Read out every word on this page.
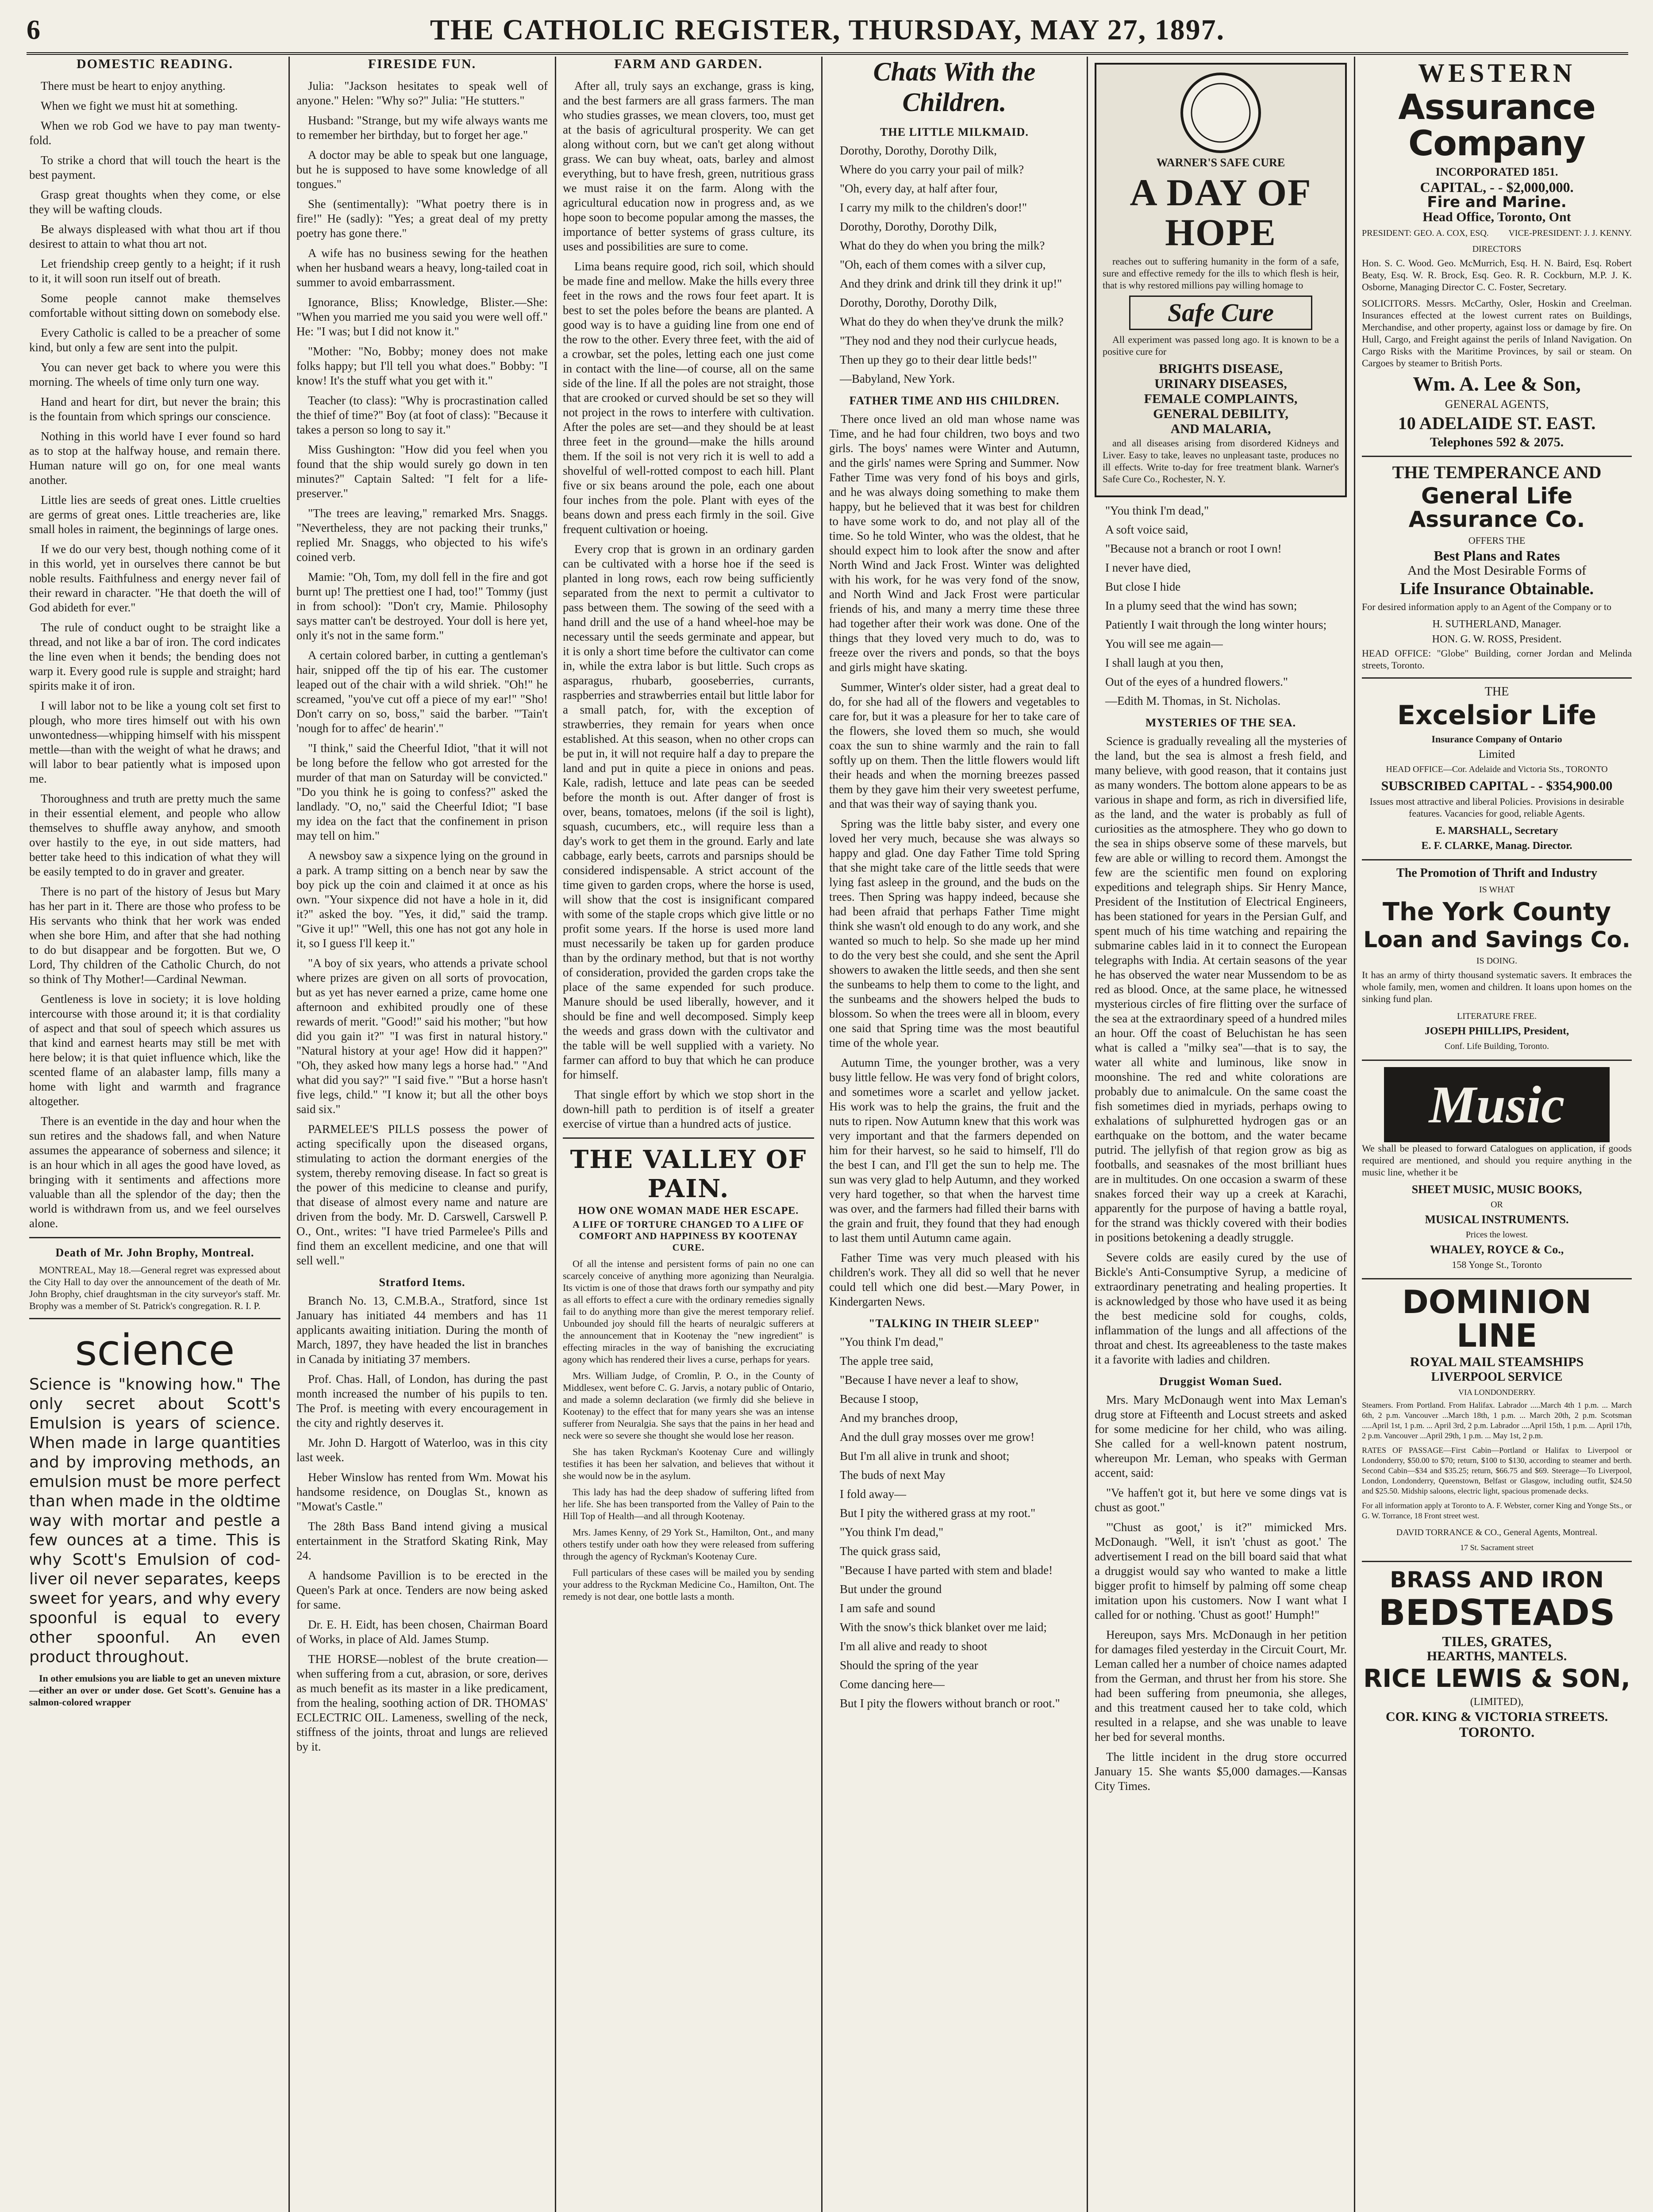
6	THE CATHOLIC REGISTER, THURSDAY, MAY 27, 1897.
DOMESTIC READING.

There must be heart to enjoy anything.

When we fight we must hit at something.

When we rob God we have to pay man twenty-fold.

To strike a chord that will touch the heart is the best payment.

Grasp great thoughts when they come, or else they will be wafting clouds.

Be always displeased with what thou art if thou desirest to attain to what thou art not.

Let friendship creep gently to a height; if it rush to it, it will soon run itself out of breath.

Some people cannot make themselves comfortable without sitting down on somebody else.

Every Catholic is called to be a preacher of some kind, but only a few are sent into the pulpit.

You can never get back to where you were this morning. The wheels of time only turn one way.

Hand and heart for dirt, but never the brain; this is the fountain from which springs our conscience.

Nothing in this world have I ever found so hard as to stop at the halfway house, and remain there. Human nature will go on, for one meal wants another.

Little lies are seeds of great ones. Little cruelties are germs of great ones. Little treacheries are, like small holes in raiment, the beginnings of large ones.

If we do our very best, though nothing come of it in this world, yet in ourselves there cannot be but noble results. Faithfulness and energy never fail of their reward in character. "He that doeth the will of God abideth for ever."

The rule of conduct ought to be straight like a thread, and not like a bar of iron. The cord indicates the line even when it bends; the bending does not warp it. Every good rule is supple and straight; hard spirits make it of iron.

I will labor not to be like a young colt set first to plough, who more tires himself out with his own unwontedness—whipping himself with his misspent mettle—than with the weight of what he draws; and will labor to bear patiently what is imposed upon me.

Thoroughness and truth are pretty much the same in their essential element, and people who allow themselves to shuffle away anyhow, and smooth over hastily to the eye, in out side matters, had better take heed to this indication of what they will be easily tempted to do in graver and greater.

There is no part of the history of Jesus but Mary has her part in it. There are those who profess to be His servants who think that her work was ended when she bore Him, and after that she had nothing to do but disappear and be forgotten. But we, O Lord, Thy children of the Catholic Church, do not so think of Thy Mother!—Cardinal Newman.

Gentleness is love in society; it is love holding intercourse with those around it; it is that cordiality of aspect and that soul of speech which assures us that kind and earnest hearts may still be met with here below; it is that quiet influence which, like the scented flame of an alabaster lamp, fills many a home with light and warmth and fragrance altogether.

There is an eventide in the day and hour when the sun retires and the shadows fall, and when Nature assumes the appearance of soberness and silence; it is an hour which in all ages the good have loved, as bringing with it sentiments and affections more valuable than all the splendor of the day; then the world is withdrawn from us, and we feel ourselves alone.

Death of Mr. John Brophy, Montreal.

MONTREAL, May 18.—General regret was expressed about the City Hall to day over the announcement of the death of Mr. John Brophy, chief draughtsman in the city surveyor's staff. Mr. Brophy was a member of St. Patrick's congregation. R. I. P.

science

Science is "knowing how." The only secret about Scott's Emulsion is years of science. When made in large quantities and by improving methods, an emulsion must be more perfect than when made in the oldtime way with mortar and pestle a few ounces at a time. This is why Scott's Emulsion of cod-liver oil never separates, keeps sweet for years, and why every spoonful is equal to every other spoonful. An even product throughout.

In other emulsions you are liable to get an uneven mixture—either an over or under dose. Get Scott's. Genuine has a salmon-colored wrapper

FIRESIDE FUN.

Julia: "Jackson hesitates to speak well of anyone." Helen: "Why so?" Julia: "He stutters."

Husband: "Strange, but my wife always wants me to remember her birthday, but to forget her age."

A doctor may be able to speak but one language, but he is supposed to have some knowledge of all tongues."

She (sentimentally): "What poetry there is in fire!" He (sadly): "Yes; a great deal of my pretty poetry has gone there."

A wife has no business sewing for the heathen when her husband wears a heavy, long-tailed coat in summer to avoid embarrassment.

Ignorance, Bliss; Knowledge, Blister.—She: "When you married me you said you were well off." He: "I was; but I did not know it."

"Mother: "No, Bobby; money does not make folks happy; but I'll tell you what does." Bobby: "I know! It's the stuff what you get with it."

Teacher (to class): "Why is procrastination called the thief of time?" Boy (at foot of class): "Because it takes a person so long to say it."

Miss Gushington: "How did you feel when you found that the ship would surely go down in ten minutes?" Captain Salted: "I felt for a life-preserver."

"The trees are leaving," remarked Mrs. Snaggs. "Nevertheless, they are not packing their trunks," replied Mr. Snaggs, who objected to his wife's coined verb.

Mamie: "Oh, Tom, my doll fell in the fire and got burnt up! The prettiest one I had, too!" Tommy (just in from school): "Don't cry, Mamie. Philosophy says matter can't be destroyed. Your doll is here yet, only it's not in the same form."

A certain colored barber, in cutting a gentleman's hair, snipped off the tip of his ear. The customer leaped out of the chair with a wild shriek. "Oh!" he screamed, "you've cut off a piece of my ear!" "Sho! Don't carry on so, boss," said the barber. "'Tain't 'nough for to affec' de hearin'."

"I think," said the Cheerful Idiot, "that it will not be long before the fellow who got arrested for the murder of that man on Saturday will be convicted." "Do you think he is going to confess?" asked the landlady. "O, no," said the Cheerful Idiot; "I base my idea on the fact that the confinement in prison may tell on him."

A newsboy saw a sixpence lying on the ground in a park. A tramp sitting on a bench near by saw the boy pick up the coin and claimed it at once as his own. "Your sixpence did not have a hole in it, did it?" asked the boy. "Yes, it did," said the tramp. "Give it up!" "Well, this one has not got any hole in it, so I guess I'll keep it."

"A boy of six years, who attends a private school where prizes are given on all sorts of provocation, but as yet has never earned a prize, came home one afternoon and exhibited proudly one of these rewards of merit. "Good!" said his mother; "but how did you gain it?" "I was first in natural history." "Natural history at your age! How did it happen?" "Oh, they asked how many legs a horse had." "And what did you say?" "I said five." "But a horse hasn't five legs, child." "I know it; but all the other boys said six."

PARMELEE'S PILLS possess the power of acting specifically upon the diseased organs, stimulating to action the dormant energies of the system, thereby removing disease. In fact so great is the power of this medicine to cleanse and purify, that disease of almost every name and nature are driven from the body. Mr. D. Carswell, Carswell P. O., Ont., writes: "I have tried Parmelee's Pills and find them an excellent medicine, and one that will sell well."

Stratford Items.

Branch No. 13, C.M.B.A., Stratford, since 1st January has initiated 44 members and has 11 applicants awaiting initiation. During the month of March, 1897, they have headed the list in branches in Canada by initiating 37 members.

Prof. Chas. Hall, of London, has during the past month increased the number of his pupils to ten. The Prof. is meeting with every encouragement in the city and rightly deserves it.

Mr. John D. Hargott of Waterloo, was in this city last week.

Heber Winslow has rented from Wm. Mowat his handsome residence, on Douglas St., known as "Mowat's Castle."

The 28th Bass Band intend giving a musical entertainment in the Stratford Skating Rink, May 24.

A handsome Pavillion is to be erected in the Queen's Park at once. Tenders are now being asked for same.

Dr. E. H. Eidt, has been chosen, Chairman Board of Works, in place of Ald. James Stump.

THE HORSE—noblest of the brute creation—when suffering from a cut, abrasion, or sore, derives as much benefit as its master in a like predicament, from the healing, soothing action of DR. THOMAS' ECLECTRIC OIL. Lameness, swelling of the neck, stiffness of the joints, throat and lungs are relieved by it.

FARM AND GARDEN.

After all, truly says an exchange, grass is king, and the best farmers are all grass farmers. The man who studies grasses, we mean clovers, too, must get at the basis of agricultural prosperity. We can get along without corn, but we can't get along without grass. We can buy wheat, oats, barley and almost everything, but to have fresh, green, nutritious grass we must raise it on the farm. Along with the agricultural education now in progress and, as we hope soon to become popular among the masses, the importance of better systems of grass culture, its uses and possibilities are sure to come.

Lima beans require good, rich soil, which should be made fine and mellow. Make the hills every three feet in the rows and the rows four feet apart. It is best to set the poles before the beans are planted. A good way is to have a guiding line from one end of the row to the other. Every three feet, with the aid of a crowbar, set the poles, letting each one just come in contact with the line—of course, all on the same side of the line. If all the poles are not straight, those that are crooked or curved should be set so they will not project in the rows to interfere with cultivation. After the poles are set—and they should be at least three feet in the ground—make the hills around them. If the soil is not very rich it is well to add a shovelful of well-rotted compost to each hill. Plant five or six beans around the pole, each one about four inches from the pole. Plant with eyes of the beans down and press each firmly in the soil. Give frequent cultivation or hoeing.

Every crop that is grown in an ordinary garden can be cultivated with a horse hoe if the seed is planted in long rows, each row being sufficiently separated from the next to permit a cultivator to pass between them. The sowing of the seed with a hand drill and the use of a hand wheel-hoe may be necessary until the seeds germinate and appear, but it is only a short time before the cultivator can come in, while the extra labor is but little. Such crops as asparagus, rhubarb, gooseberries, currants, raspberries and strawberries entail but little labor for a small patch, for, with the exception of strawberries, they remain for years when once established. At this season, when no other crops can be put in, it will not require half a day to prepare the land and put in quite a piece in onions and peas. Kale, radish, lettuce and late peas can be seeded before the month is out. After danger of frost is over, beans, tomatoes, melons (if the soil is light), squash, cucumbers, etc., will require less than a day's work to get them in the ground. Early and late cabbage, early beets, carrots and parsnips should be considered indispensable. A strict account of the time given to garden crops, where the horse is used, will show that the cost is insignificant compared with some of the staple crops which give little or no profit some years. If the horse is used more land must necessarily be taken up for garden produce than by the ordinary method, but that is not worthy of consideration, provided the garden crops take the place of the same expended for such produce. Manure should be used liberally, however, and it should be fine and well decomposed. Simply keep the weeds and grass down with the cultivator and the table will be well supplied with a variety. No farmer can afford to buy that which he can produce for himself.

That single effort by which we stop short in the down-hill path to perdition is of itself a greater exercise of virtue than a hundred acts of justice.

THE VALLEY OF PAIN.
HOW ONE WOMAN MADE HER ESCAPE.
A LIFE OF TORTURE CHANGED TO A LIFE OF COMFORT AND HAPPINESS BY KOOTENAY CURE.

Of all the intense and persistent forms of pain no one can scarcely conceive of anything more agonizing than Neuralgia. Its victim is one of those that draws forth our sympathy and pity as all efforts to effect a cure with the ordinary remedies signally fail to do anything more than give the merest temporary relief. Unbounded joy should fill the hearts of neuralgic sufferers at the announcement that in Kootenay the "new ingredient" is effecting miracles in the way of banishing the excruciating agony which has rendered their lives a curse, perhaps for years.

Mrs. William Judge, of Cromlin, P. O., in the County of Middlesex, went before C. G. Jarvis, a notary public of Ontario, and made a solemn declaration (we firmly did she believe in Kootenay) to the effect that for many years she was an intense sufferer from Neuralgia. She says that the pains in her head and neck were so severe she thought she would lose her reason.

She has taken Ryckman's Kootenay Cure and willingly testifies it has been her salvation, and believes that without it she would now be in the asylum.

This lady has had the deep shadow of suffering lifted from her life. She has been transported from the Valley of Pain to the Hill Top of Health—and all through Kootenay.

Mrs. James Kenny, of 29 York St., Hamilton, Ont., and many others testify under oath how they were released from suffering through the agency of Ryckman's Kootenay Cure.

Full particulars of these cases will be mailed you by sending your address to the Ryckman Medicine Co., Hamilton, Ont. The remedy is not dear, one bottle lasts a month.

Chats With the Children.
THE LITTLE MILKMAID.

Dorothy, Dorothy, Dorothy Dilk,

Where do you carry your pail of milk?

"Oh, every day, at half after four,

I carry my milk to the children's door!"

Dorothy, Dorothy, Dorothy Dilk,

What do they do when you bring the milk?

"Oh, each of them comes with a silver cup,

And they drink and drink till they drink it up!"

Dorothy, Dorothy, Dorothy Dilk,

What do they do when they've drunk the milk?

"They nod and they nod their curlycue heads,

Then up they go to their dear little beds!"

—Babyland, New York.

FATHER TIME AND HIS CHILDREN.

There once lived an old man whose name was Time, and he had four children, two boys and two girls. The boys' names were Winter and Autumn, and the girls' names were Spring and Summer. Now Father Time was very fond of his boys and girls, and he was always doing something to make them happy, but he believed that it was best for children to have some work to do, and not play all of the time. So he told Winter, who was the oldest, that he should expect him to look after the snow and after North Wind and Jack Frost. Winter was delighted with his work, for he was very fond of the snow, and North Wind and Jack Frost were particular friends of his, and many a merry time these three had together after their work was done. One of the things that they loved very much to do, was to freeze over the rivers and ponds, so that the boys and girls might have skating.

Summer, Winter's older sister, had a great deal to do, for she had all of the flowers and vegetables to care for, but it was a pleasure for her to take care of the flowers, she loved them so much, she would coax the sun to shine warmly and the rain to fall softly up on them. Then the little flowers would lift their heads and when the morning breezes passed them by they gave him their very sweetest perfume, and that was their way of saying thank you.

Spring was the little baby sister, and every one loved her very much, because she was always so happy and glad. One day Father Time told Spring that she might take care of the little seeds that were lying fast asleep in the ground, and the buds on the trees. Then Spring was happy indeed, because she had been afraid that perhaps Father Time might think she wasn't old enough to do any work, and she wanted so much to help. So she made up her mind to do the very best she could, and she sent the April showers to awaken the little seeds, and then she sent the sunbeams to help them to come to the light, and the sunbeams and the showers helped the buds to blossom. So when the trees were all in bloom, every one said that Spring time was the most beautiful time of the whole year.

Autumn Time, the younger brother, was a very busy little fellow. He was very fond of bright colors, and sometimes wore a scarlet and yellow jacket. His work was to help the grains, the fruit and the nuts to ripen. Now Autumn knew that this work was very important and that the farmers depended on him for their harvest, so he said to himself, I'll do the best I can, and I'll get the sun to help me. The sun was very glad to help Autumn, and they worked very hard together, so that when the harvest time was over, and the farmers had filled their barns with the grain and fruit, they found that they had enough to last them until Autumn came again.

Father Time was very much pleased with his children's work. They all did so well that he never could tell which one did best.—Mary Power, in Kindergarten News.

"TALKING IN THEIR SLEEP"

"You think I'm dead,"

The apple tree said,

"Because I have never a leaf to show,

Because I stoop,

And my branches droop,

And the dull gray mosses over me grow!

But I'm all alive in trunk and shoot;

The buds of next May

I fold away—

But I pity the withered grass at my root."

"You think I'm dead,"

The quick grass said,

"Because I have parted with stem and blade!

But under the ground

I am safe and sound

With the snow's thick blanket over me laid;

I'm all alive and ready to shoot

Should the spring of the year

Come dancing here—

But I pity the flowers without branch or root."

WARNER'S SAFE CURE
A DAY OF HOPE

reaches out to suffering humanity in the form of a safe, sure and effective remedy for the ills to which flesh is heir, that is why restored millions pay willing homage to

Safe Cure

All experiment was passed long ago. It is known to be a positive cure for

BRIGHTS DISEASE,

URINARY DISEASES,

FEMALE COMPLAINTS,

GENERAL DEBILITY,

AND MALARIA,

and all diseases arising from disordered Kidneys and Liver. Easy to take, leaves no unpleasant taste, produces no ill effects. Write to-day for free treatment blank. Warner's Safe Cure Co., Rochester, N. Y.

"You think I'm dead,"

A soft voice said,

"Because not a branch or root I own!

I never have died,

But close I hide

In a plumy seed that the wind has sown;

Patiently I wait through the long winter hours;

You will see me again—

I shall laugh at you then,

Out of the eyes of a hundred flowers."

—Edith M. Thomas, in St. Nicholas.

MYSTERIES OF THE SEA.

Science is gradually revealing all the mysteries of the land, but the sea is almost a fresh field, and many believe, with good reason, that it contains just as many wonders. The bottom alone appears to be as various in shape and form, as rich in diversified life, as the land, and the water is probably as full of curiosities as the atmosphere. They who go down to the sea in ships observe some of these marvels, but few are able or willing to record them. Amongst the few are the scientific men found on exploring expeditions and telegraph ships. Sir Henry Mance, President of the Institution of Electrical Engineers, has been stationed for years in the Persian Gulf, and spent much of his time watching and repairing the submarine cables laid in it to connect the European telegraphs with India. At certain seasons of the year he has observed the water near Mussendom to be as red as blood. Once, at the same place, he witnessed mysterious circles of fire flitting over the surface of the sea at the extraordinary speed of a hundred miles an hour. Off the coast of Beluchistan he has seen what is called a "milky sea"—that is to say, the water all white and luminous, like snow in moonshine. The red and white colorations are probably due to animalcule. On the same coast the fish sometimes died in myriads, perhaps owing to exhalations of sulphuretted hydrogen gas or an earthquake on the bottom, and the water became putrid. The jellyfish of that region grow as big as footballs, and seasnakes of the most brilliant hues are in multitudes. On one occasion a swarm of these snakes forced their way up a creek at Karachi, apparently for the purpose of having a battle royal, for the strand was thickly covered with their bodies in positions betokening a deadly struggle.

Severe colds are easily cured by the use of Bickle's Anti-Consumptive Syrup, a medicine of extraordinary penetrating and healing properties. It is acknowledged by those who have used it as being the best medicine sold for coughs, colds, inflammation of the lungs and all affections of the throat and chest. Its agreeableness to the taste makes it a favorite with ladies and children.

Druggist Woman Sued.

Mrs. Mary McDonaugh went into Max Leman's drug store at Fifteenth and Locust streets and asked for some medicine for her child, who was ailing. She called for a well-known patent nostrum, whereupon Mr. Leman, who speaks with German accent, said:

"Ve haffen't got it, but here ve some dings vat is chust as goot."

"'Chust as goot,' is it?" mimicked Mrs. McDonaugh. "Well, it isn't 'chust as goot.' The advertisement I read on the bill board said that what a druggist would say who wanted to make a little bigger profit to himself by palming off some cheap imitation upon his customers. Now I want what I called for or nothing. 'Chust as goot!' Humph!"

Hereupon, says Mrs. McDonaugh in her petition for damages filed yesterday in the Circuit Court, Mr. Leman called her a number of choice names adapted from the German, and thrust her from his store. She had been suffering from pneumonia, she alleges, and this treatment caused her to take cold, which resulted in a relapse, and she was unable to leave her bed for several months.

The little incident in the drug store occurred January 15. She wants $5,000 damages.—Kansas City Times.

WESTERN
Assurance Company
INCORPORATED 1851.
CAPITAL, - - $2,000,000.
Fire and Marine.
Head Office, Toronto, Ont
PRESIDENT: GEO. A. COX, ESQ. VICE-PRESIDENT: J. J. KENNY.
DIRECTORS

Hon. S. C. Wood. Geo. McMurrich, Esq. H. N. Baird, Esq. Robert Beaty, Esq. W. R. Brock, Esq. Geo. R. R. Cockburn, M.P. J. K. Osborne, Managing Director C. C. Foster, Secretary.

SOLICITORS. Messrs. McCarthy, Osler, Hoskin and Creelman. Insurances effected at the lowest current rates on Buildings, Merchandise, and other property, against loss or damage by fire. On Hull, Cargo, and Freight against the perils of Inland Navigation. On Cargo Risks with the Maritime Provinces, by sail or steam. On Cargoes by steamer to British Ports.

Wm. A. Lee & Son,
GENERAL AGENTS,
10 ADELAIDE ST. EAST.
Telephones 592 & 2075.
THE TEMPERANCE AND
General Life Assurance Co.
OFFERS THE
Best Plans and Rates
And the Most Desirable Forms of
Life Insurance Obtainable.

For desired information apply to an Agent of the Company or to

H. SUTHERLAND, Manager.
HON. G. W. ROSS, President.

HEAD OFFICE: "Globe" Building, corner Jordan and Melinda streets, Toronto.

THE
Excelsior Life
Insurance Company of Ontario
Limited
HEAD OFFICE—Cor. Adelaide and Victoria Sts., TORONTO
SUBSCRIBED CAPITAL - - $354,900.00

Issues most attractive and liberal Policies. Provisions in desirable features. Vacancies for good, reliable Agents.

E. MARSHALL, Secretary
E. F. CLARKE, Manag. Director.
The Promotion of Thrift and Industry
IS WHAT
The York County
Loan and Savings Co.
IS DOING.

It has an army of thirty thousand systematic savers. It embraces the whole family, men, women and children. It loans upon homes on the sinking fund plan.

LITERATURE FREE.
JOSEPH PHILLIPS, President,
Conf. Life Building, Toronto.
Music

We shall be pleased to forward Catalogues on application, if goods required are mentioned, and should you require anything in the music line, whether it be

SHEET MUSIC, MUSIC BOOKS,
OR
MUSICAL INSTRUMENTS.
Prices the lowest.
WHALEY, ROYCE & Co.,
158 Yonge St., Toronto
DOMINION LINE
ROYAL MAIL STEAMSHIPS
LIVERPOOL SERVICE
VIA LONDONDERRY.

Steamers. From Portland. From Halifax. Labrador .....March 4th 1 p.m. ... March 6th, 2 p.m. Vancouver ...March 18th, 1 p.m. ... March 20th, 2 p.m. Scotsman .....April 1st, 1 p.m. ... April 3rd, 2 p.m. Labrador ....April 15th, 1 p.m. ... April 17th, 2 p.m. Vancouver ...April 29th, 1 p.m. ... May 1st, 2 p.m.

RATES OF PASSAGE—First Cabin—Portland or Halifax to Liverpool or Londonderry, $50.00 to $70; return, $100 to $130, according to steamer and berth. Second Cabin—$34 and $35.25; return, $66.75 and $69. Steerage—To Liverpool, London, Londonderry, Queenstown, Belfast or Glasgow, including outfit, $24.50 and $25.50. Midship saloons, electric light, spacious promenade decks.

For all information apply at Toronto to A. F. Webster, corner King and Yonge Sts., or G. W. Torrance, 18 Front street west.

DAVID TORRANCE & CO., General Agents, Montreal.
17 St. Sacrament street
BRASS AND IRON
BEDSTEADS
TILES, GRATES,
HEARTHS, MANTELS.
RICE LEWIS & SON,
(LIMITED),
COR. KING & VICTORIA STREETS.
TORONTO.
